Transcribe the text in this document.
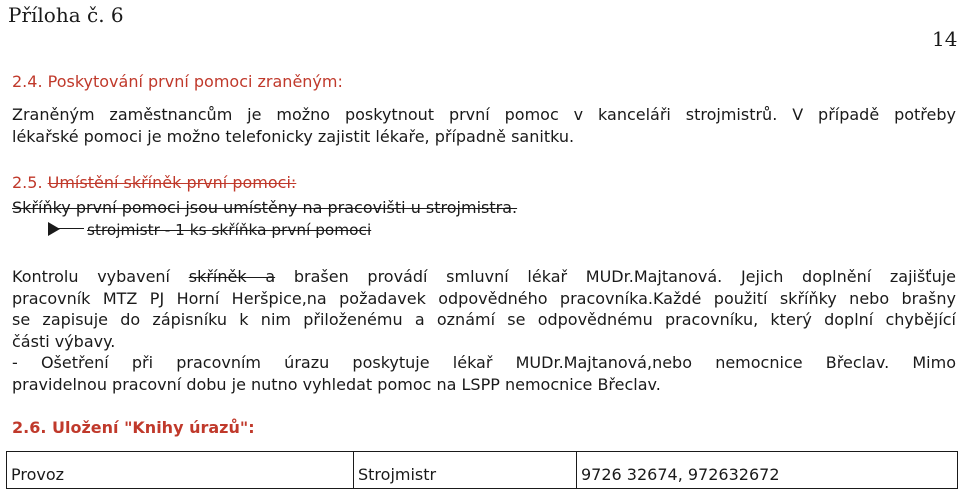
Příloha č. 6
14
2.4. Poskytování první pomoci zraněným:
Zraněným zaměstnancům je možno poskytnout první pomoc v kanceláři strojmistrů. V případě potřeby
lékařské pomoci je možno telefonicky zajistit lékaře, případně sanitku.
2.5. Umístění skříněk první pomoci:
Skříňky první pomoci jsou umístěny na pracovišti u strojmistra.
strojmistr - 1 ks skříňka první pomoci
Kontrolu vybavení skříněk a brašen provádí smluvní lékař MUDr.Majtanová. Jejich doplnění zajišťuje
pracovník MTZ PJ Horní Heršpice,na požadavek odpovědného pracovníka.Každé použití skříňky nebo brašny
se zapisuje do zápisníku k nim přiloženému a oznámí se odpovědnému pracovníku, který doplní chybějící
části výbavy.
- Ošetření při pracovním úrazu poskytuje lékař MUDr.Majtanová,nebo nemocnice Břeclav. Mimo
pravidelnou pracovní dobu je nutno vyhledat pomoc na LSPP nemocnice Břeclav.
2.6. Uložení "Knihy úrazů":
Provoz	Strojmistr	9726 32674, 972632672
